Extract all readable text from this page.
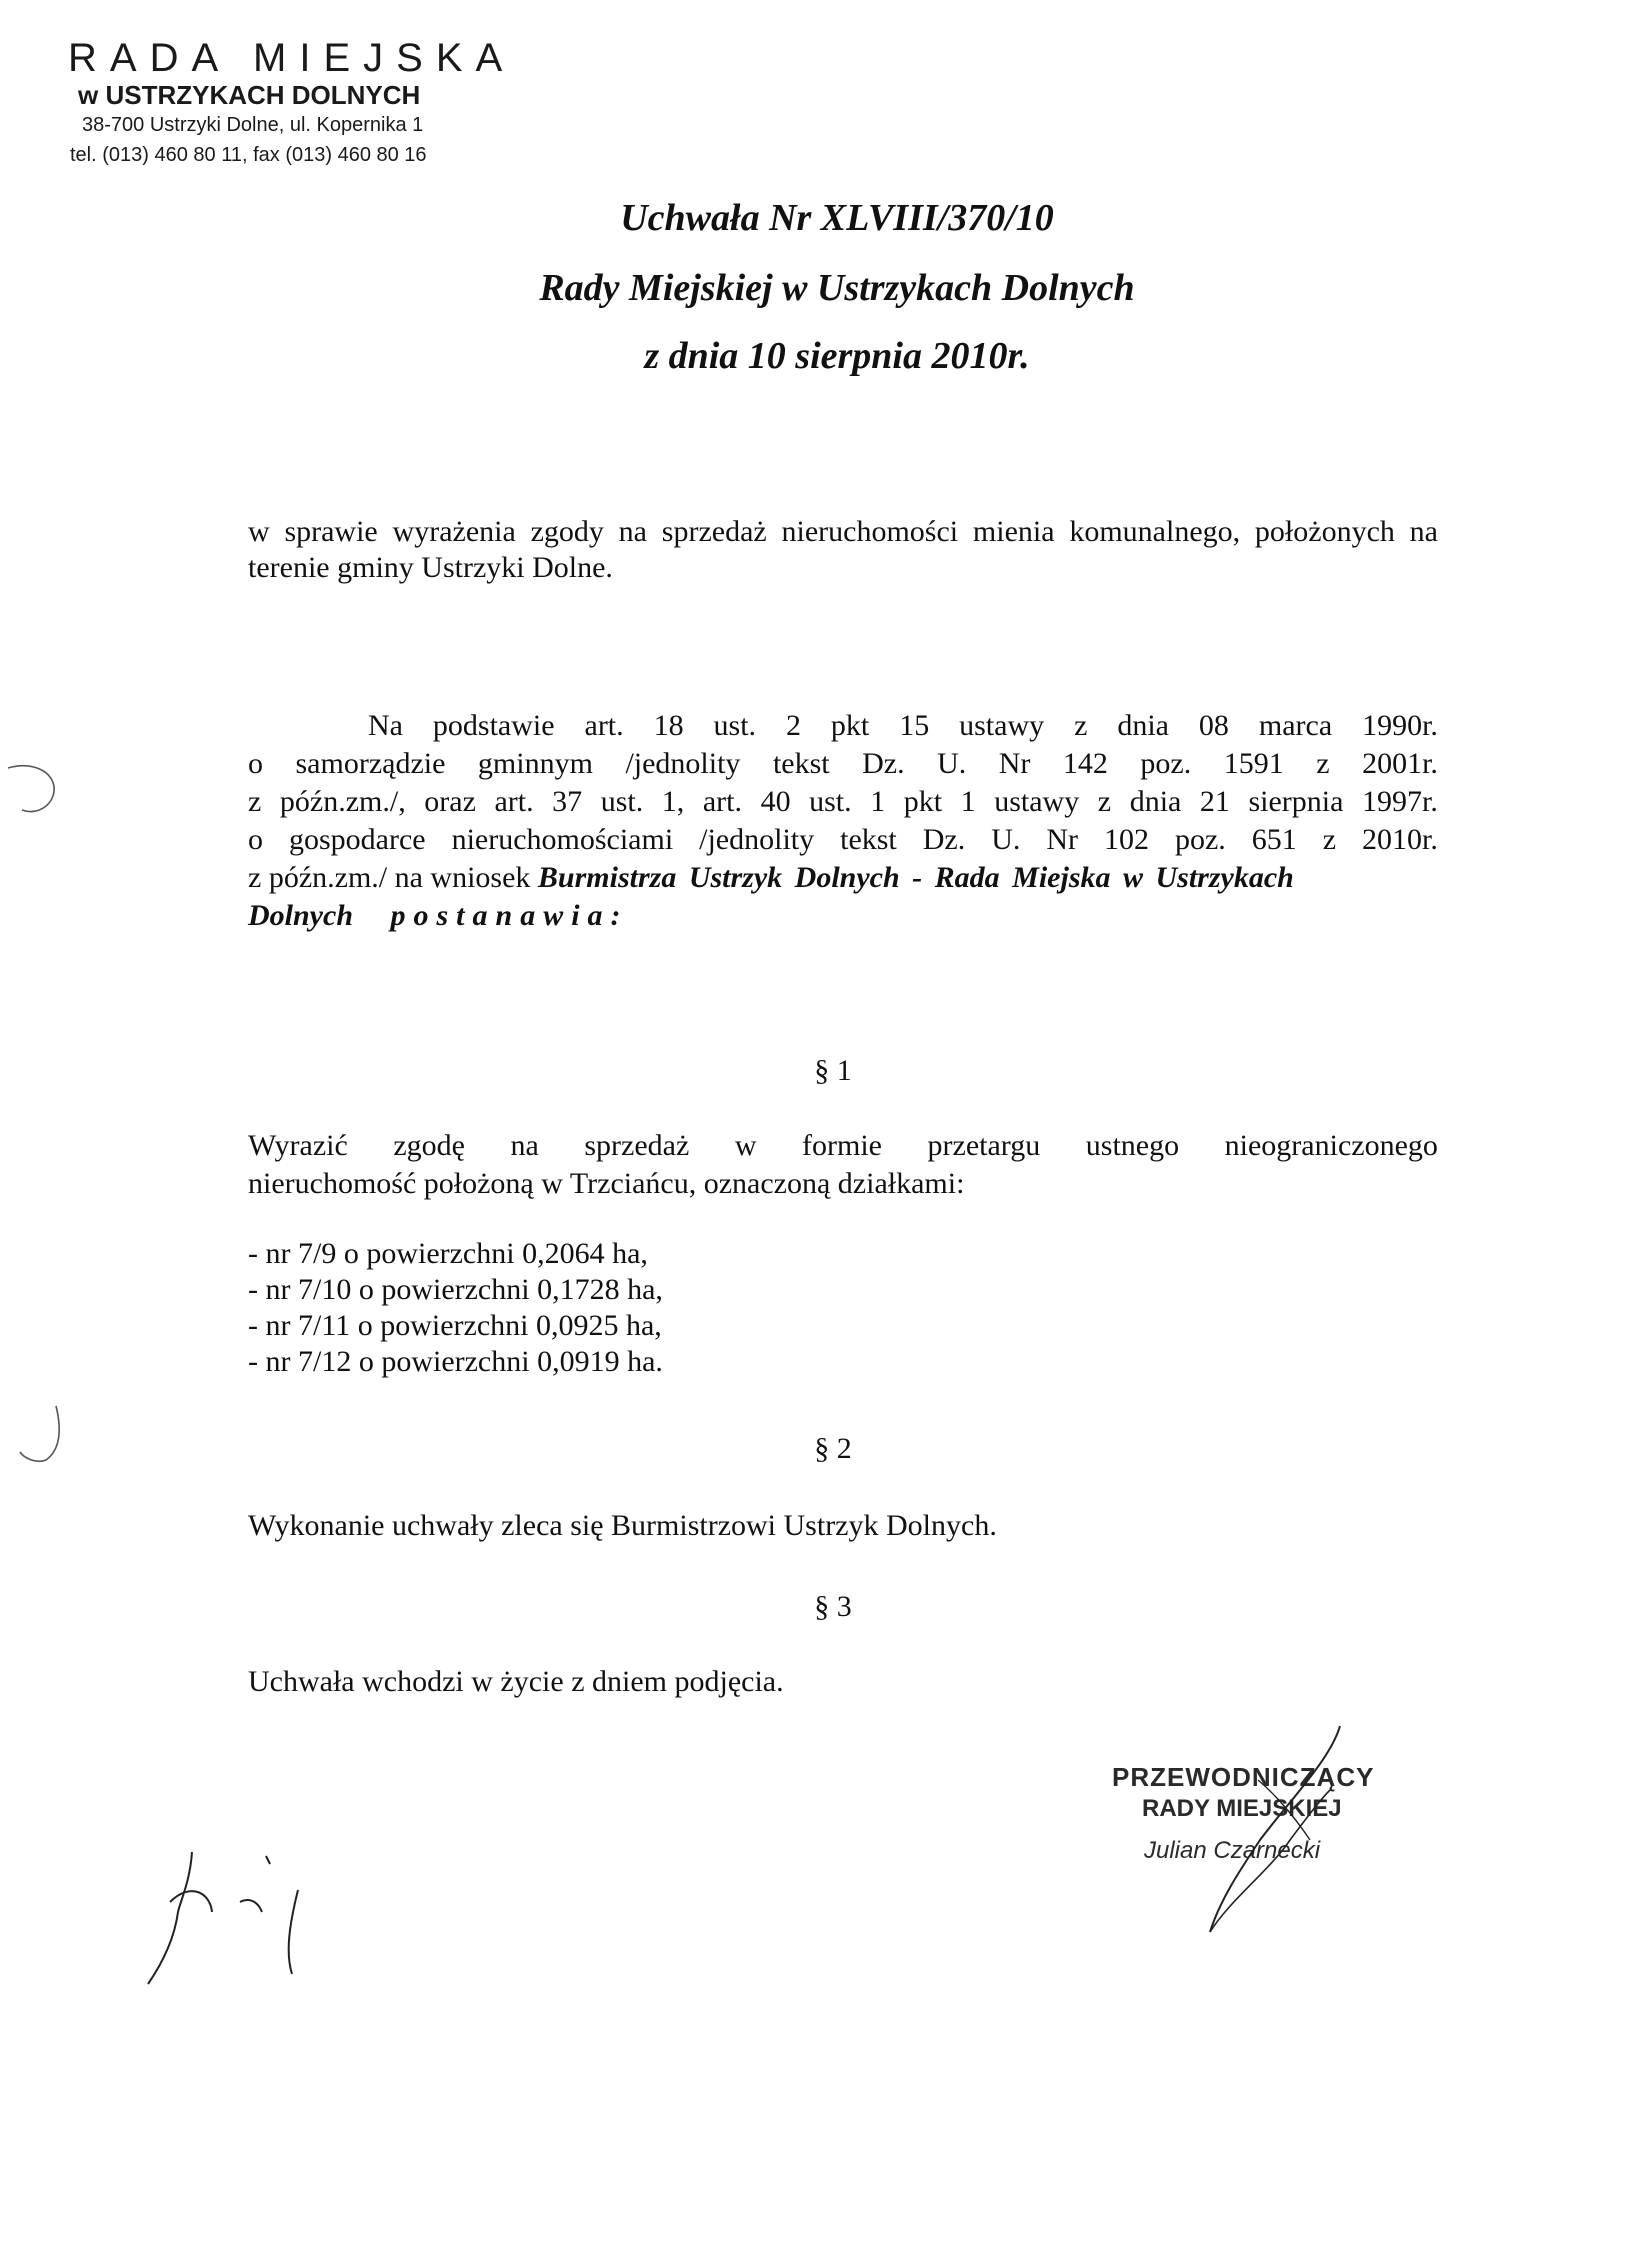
RADA MIEJSKA
w USTRZYKACH DOLNYCH
38-700 Ustrzyki Dolne, ul. Kopernika 1
tel. (013) 460 80 11, fax (013) 460 80 16
Uchwała Nr XLVIII/370/10
Rady Miejskiej w Ustrzykach Dolnych
z dnia 10 sierpnia 2010r.
w sprawie wyrażenia zgody na sprzedaż nieruchomości mienia komunalnego, położonych na terenie gminy Ustrzyki Dolne.
Na podstawie art. 18 ust. 2 pkt 15 ustawy z dnia 08 marca 1990r.
o samorządzie gminnym /jednolity tekst Dz. U. Nr 142 poz. 1591 z 2001r.
z późn.zm./, oraz art. 37 ust. 1, art. 40 ust. 1 pkt 1 ustawy z dnia 21 sierpnia 1997r.
o gospodarce nieruchomościami /jednolity tekst Dz. U. Nr 102 poz. 651 z 2010r.
z późn.zm./ na wniosek Burmistrza Ustrzyk Dolnych - Rada Miejska w Ustrzykach
Dolnych postanawia:
§ 1
Wyrazić zgodę na sprzedaż w formie przetargu ustnego nieograniczonego
nieruchomość położoną w Trzciańcu, oznaczoną działkami:
- nr 7/9 o powierzchni 0,2064 ha,
- nr 7/10 o powierzchni 0,1728 ha,
- nr 7/11 o powierzchni 0,0925 ha,
- nr 7/12 o powierzchni 0,0919 ha.
§ 2
Wykonanie uchwały zleca się Burmistrzowi Ustrzyk Dolnych.
§ 3
Uchwała wchodzi w życie z dniem podjęcia.
PRZEWODNICZĄCY
RADY MIEJSKIEJ
Julian Czarnecki
